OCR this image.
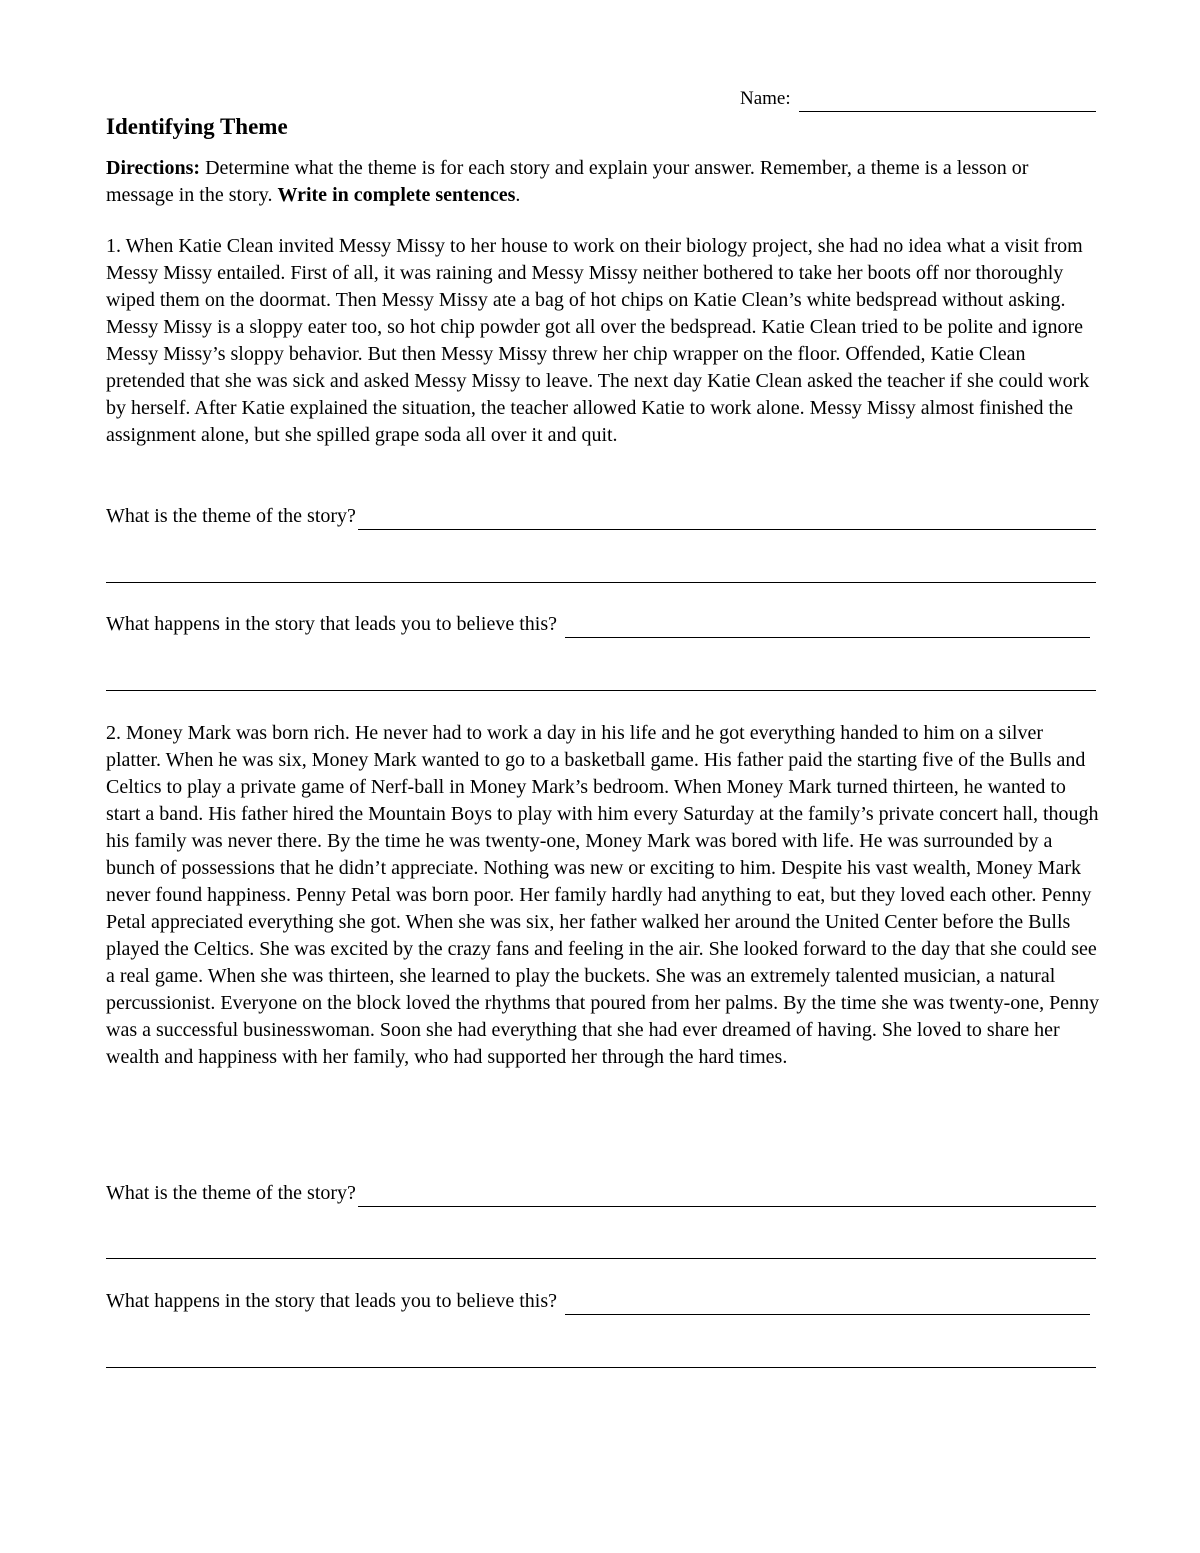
Name:
Identifying Theme

Directions: Determine what the theme is for each story and explain your answer. Remember, a theme is a lesson or message in the story. Write in complete sentences.

1. When Katie Clean invited Messy Missy to her house to work on their biology project, she had no idea what a visit from Messy Missy entailed. First of all, it was raining and Messy Missy neither bothered to take her boots off nor thoroughly wiped them on the doormat. Then Messy Missy ate a bag of hot chips on Katie Clean’s white bedspread without asking. Messy Missy is a sloppy eater too, so hot chip powder got all over the bedspread. Katie Clean tried to be polite and ignore Messy Missy’s sloppy behavior. But then Messy Missy threw her chip wrapper on the floor. Offended, Katie Clean pretended that she was sick and asked Messy Missy to leave. The next day Katie Clean asked the teacher if she could work by herself. After Katie explained the situation, the teacher allowed Katie to work alone. Messy Missy almost finished the assignment alone, but she spilled grape soda all over it and quit.

What is the theme of the story?
What happens in the story that leads you to believe this?

2. Money Mark was born rich. He never had to work a day in his life and he got everything handed to him on a silver platter. When he was six, Money Mark wanted to go to a basketball game. His father paid the starting five of the Bulls and Celtics to play a private game of Nerf-ball in Money Mark’s bedroom. When Money Mark turned thirteen, he wanted to start a band. His father hired the Mountain Boys to play with him every Saturday at the family’s private concert hall, though his family was never there. By the time he was twenty-one, Money Mark was bored with life. He was surrounded by a bunch of possessions that he didn’t appreciate. Nothing was new or exciting to him. Despite his vast wealth, Money Mark never found happiness. Penny Petal was born poor. Her family hardly had anything to eat, but they loved each other. Penny Petal appreciated everything she got. When she was six, her father walked her around the United Center before the Bulls played the Celtics. She was excited by the crazy fans and feeling in the air. She looked forward to the day that she could see a real game. When she was thirteen, she learned to play the buckets. She was an extremely talented musician, a natural percussionist. Everyone on the block loved the rhythms that poured from her palms. By the time she was twenty-one, Penny was a successful businesswoman. Soon she had everything that she had ever dreamed of having. She loved to share her wealth and happiness with her family, who had supported her through the hard times.

What is the theme of the story?
What happens in the story that leads you to believe this?
